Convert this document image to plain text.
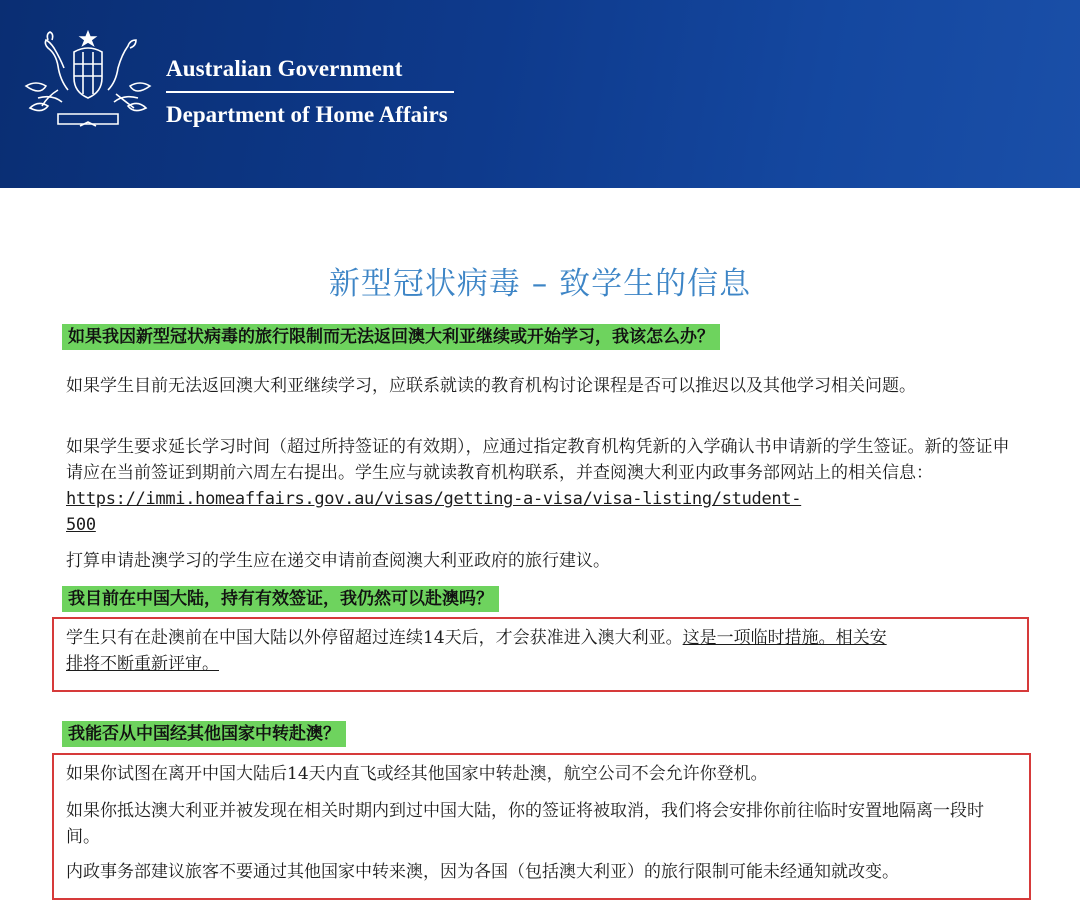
Australian Government
Department of Home Affairs
新型冠状病毒 – 致学生的信息
如果我因新型冠状病毒的旅行限制而无法返回澳大利亚继续或开始学习，我该怎么办？
如果学生目前无法返回澳大利亚继续学习，应联系就读的教育机构讨论课程是否可以推迟以及其他学习相关问题。
如果学生要求延长学习时间（超过所持签证的有效期），应通过指定教育机构凭新的入学确认书申请新的学生签证。新的签证申请应在当前签证到期前六周左右提出。学生应与就读教育机构联系，并查阅澳大利亚内政事务部网站上的相关信息：https://immi.homeaffairs.gov.au/visas/getting-a-visa/visa-listing/student-
500
打算申请赴澳学习的学生应在递交申请前查阅澳大利亚政府的旅行建议。
我目前在中国大陆，持有有效签证，我仍然可以赴澳吗？
学生只有在赴澳前在中国大陆以外停留超过连续14天后，才会获准进入澳大利亚。这是一项临时措施。相关安
排将不断重新评审。
我能否从中国经其他国家中转赴澳？
如果你试图在离开中国大陆后14天内直飞或经其他国家中转赴澳，航空公司不会允许你登机。
如果你抵达澳大利亚并被发现在相关时期内到过中国大陆，你的签证将被取消，我们将会安排你前往临时安置地隔离一段时间。
内政事务部建议旅客不要通过其他国家中转来澳，因为各国（包括澳大利亚）的旅行限制可能未经通知就改变。
